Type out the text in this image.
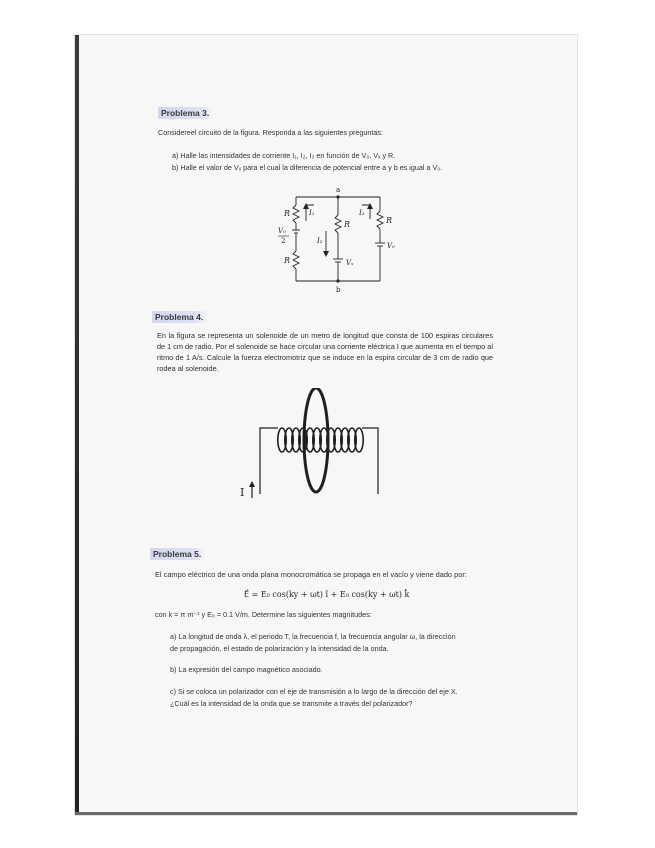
Problema 3.
Considereel circuito de la figura. Responda a las siguientes preguntas:
a) Halle las intensidades de corriente I₁, I₂, I₃ en función de V₀, Vₓ y R.
b) Halle el valor de Vₓ para el cual la diferencia de potencial entre a y b es igual a V₀.
a
b
R
V₀
2
R
I₁
I₂
I₃
R
Vₓ
R
V₀
Problema 4.
En la figura se representa un solenoide de un metro de longitud que consta de 100 espiras circulares de 1 cm de radio. Por el solenoide se hace circular una corriente eléctrica I que aumenta en el tiempo al ritmo de 1 A/s. Calcule la fuerza electromotriz que se induce en la espira circular de 3 cm de radio que rodea al solenoide.
I
Problema 5.
El campo eléctrico de una onda plana monocromática se propaga en el vacío y viene dado por:
E⃗ = E₀ cos(ky + ωt) î + E₀ cos(ky + ωt) k̂
con k = π m⁻¹ y E₀ = 0.1 V/m. Determine las siguientes magnitudes:
a) La longitud de onda λ, el periodo T, la frecuencia f, la frecuencia angular ω, la dirección
de propagación, el estado de polarización y la intensidad de la onda.
b) La expresión del campo magnético asociado.
c) Si se coloca un polarizador con el eje de transmisión a lo largo de la dirección del eje X.
¿Cuál es la intensidad de la onda que se transmite a través del polarizador?
